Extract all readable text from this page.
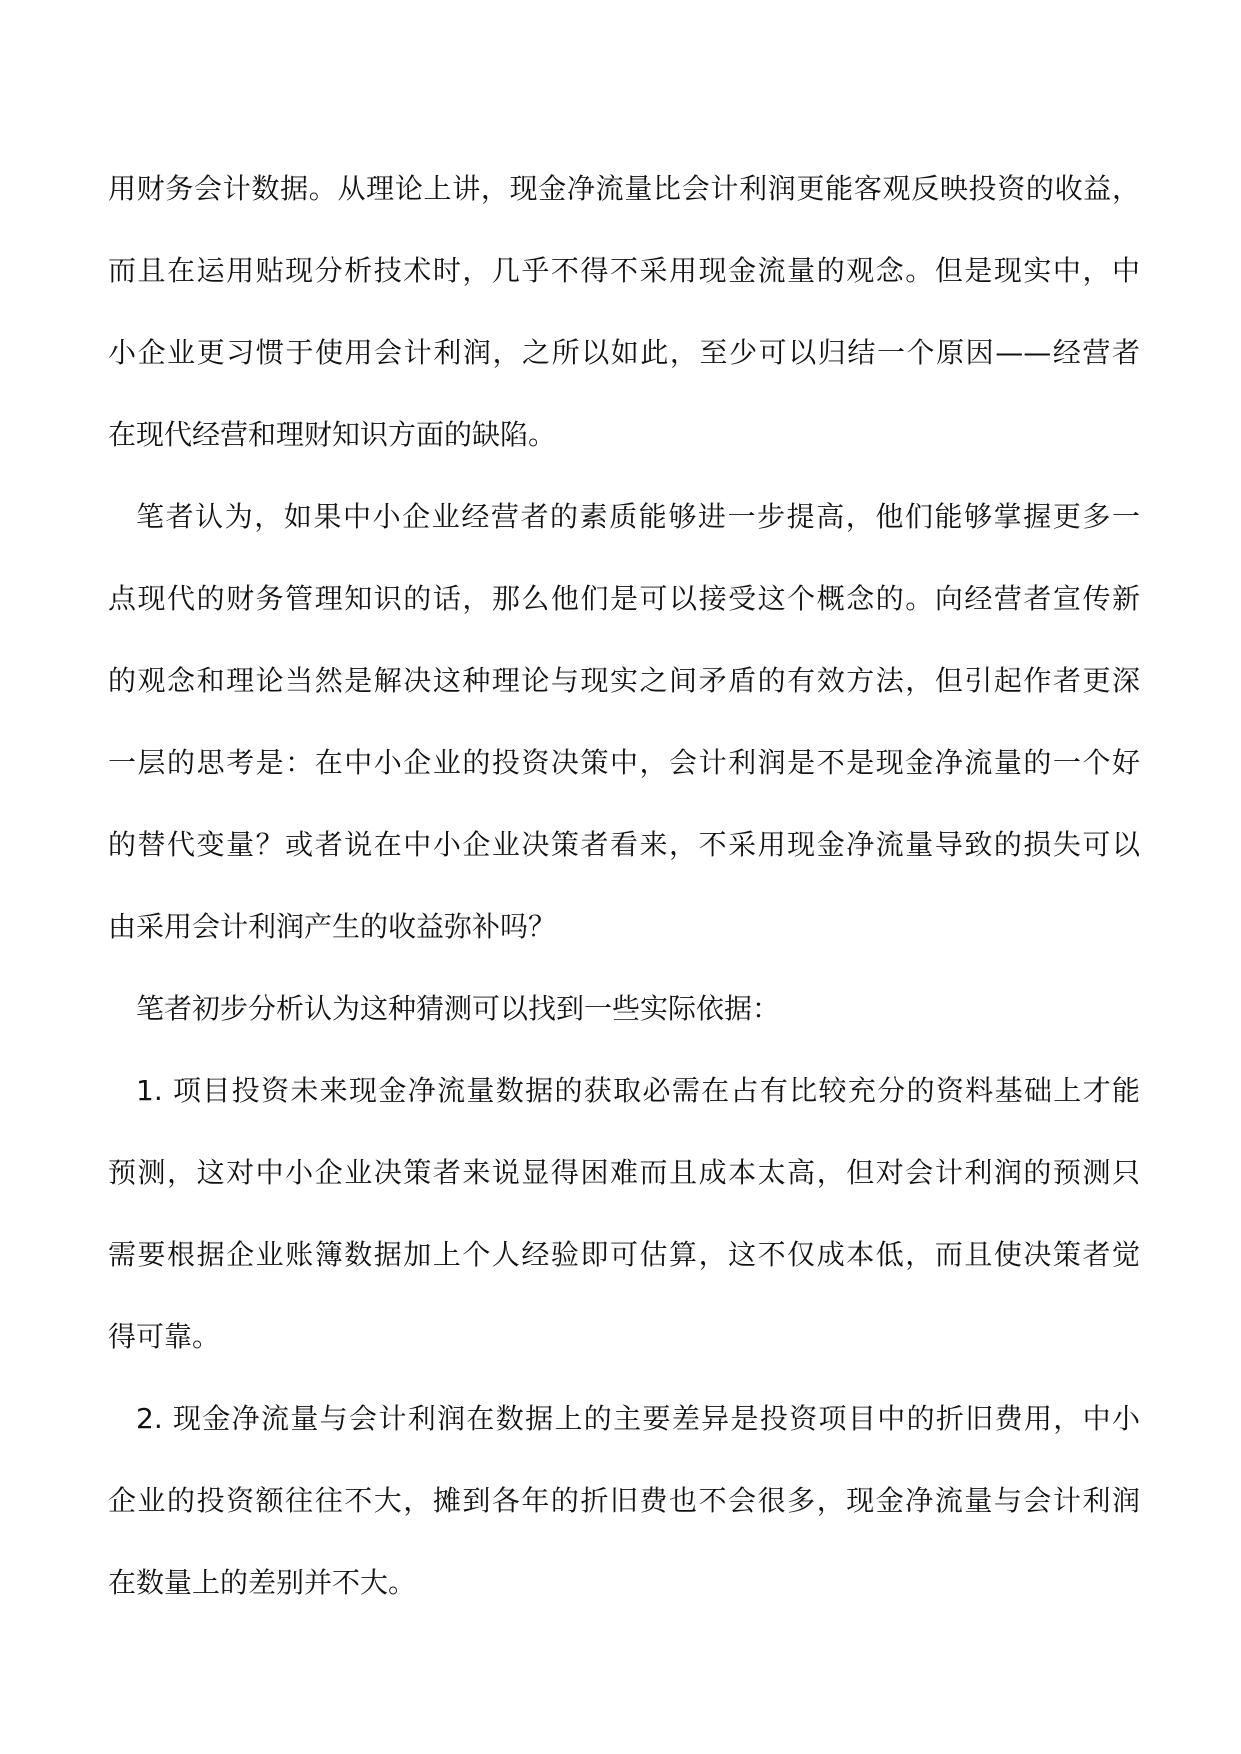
用财务会计数据。从理论上讲，现金净流量比会计利润更能客观反映投资的收益，

而且在运用贴现分析技术时，几乎不得不采用现金流量的观念。但是现实中，中

小企业更习惯于使用会计利润，之所以如此，至少可以归结一个原因——经营者

在现代经营和理财知识方面的缺陷。

笔者认为，如果中小企业经营者的素质能够进一步提高，他们能够掌握更多一

点现代的财务管理知识的话，那么他们是可以接受这个概念的。向经营者宣传新

的观念和理论当然是解决这种理论与现实之间矛盾的有效方法，但引起作者更深

一层的思考是：在中小企业的投资决策中，会计利润是不是现金净流量的一个好

的替代变量？或者说在中小企业决策者看来，不采用现金净流量导致的损失可以

由采用会计利润产生的收益弥补吗？

笔者初步分析认为这种猜测可以找到一些实际依据：

1. 项目投资未来现金净流量数据的获取必需在占有比较充分的资料基础上才能

预测，这对中小企业决策者来说显得困难而且成本太高，但对会计利润的预测只

需要根据企业账簿数据加上个人经验即可估算，这不仅成本低，而且使决策者觉

得可靠。

2. 现金净流量与会计利润在数据上的主要差异是投资项目中的折旧费用，中小

企业的投资额往往不大，摊到各年的折旧费也不会很多，现金净流量与会计利润

在数量上的差别并不大。
